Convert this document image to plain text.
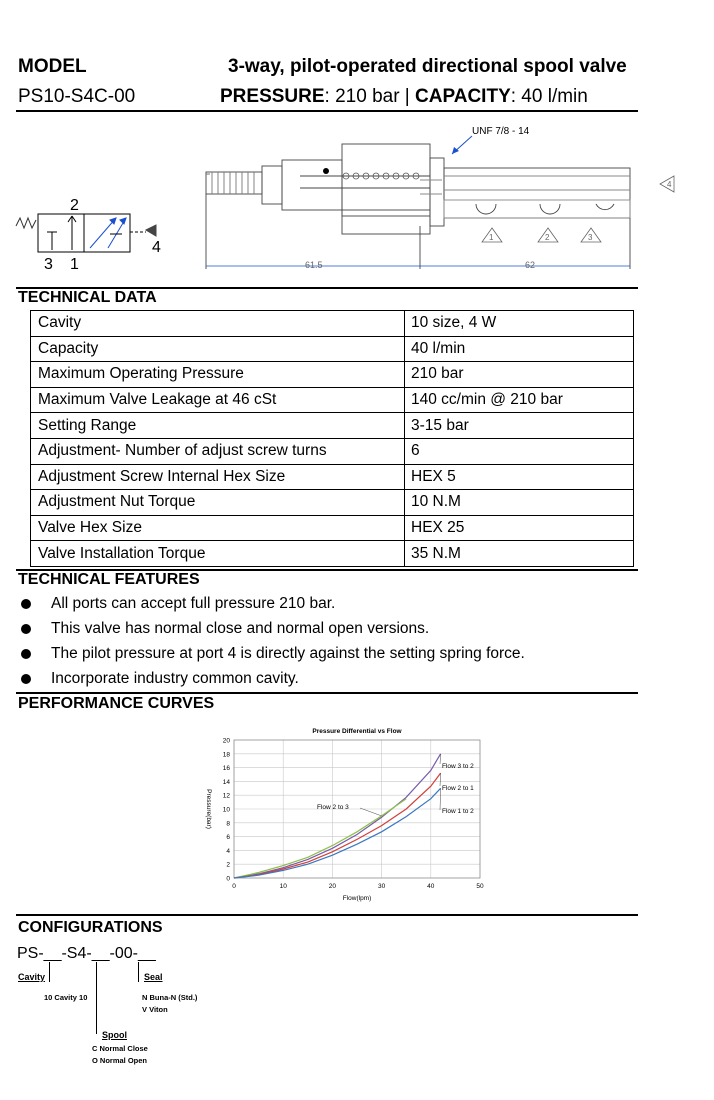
MODEL
PS10-S4C-00
3-way, pilot-operated directional spool valve
PRESSURE: 210 bar | CAPACITY: 40 l/min
2
3 1
4
UNF 7/8 - 14
1	2	3
4
61.5	62
TECHNICAL DATA
Cavity	10 size, 4 W
Capacity	40 l/min
Maximum Operating Pressure	210 bar
Maximum Valve Leakage at 46 cSt	140 cc/min @ 210 bar
Setting Range	3-15 bar
Adjustment- Number of adjust screw turns	6
Adjustment Screw Internal Hex Size	HEX 5
Adjustment Nut Torque	10 N.M
Valve Hex Size	HEX 25
Valve Installation Torque	35 N.M
TECHNICAL FEATURES
All ports can accept full pressure 210 bar.
This valve has normal close and normal open versions.
The pilot pressure at port 4 is directly against the setting spring force.
Incorporate industry common cavity.
PERFORMANCE CURVES
0
2
4
6
8
10
12
14
16
18
20
0	10	20	30	40	50
Pressure Differential vs Flow
Flow(lpm)
Pressure(bar)
Flow 3 to 2
Flow 2 to 1
Flow 1 to 2
Flow 2 to 3
CONFIGURATIONS
PS-__-S4-__-00-__
Cavity
10 Cavity 10
Seal
N Buna-N (Std.)
V Viton
Spool
C Normal Close
O Normal Open
